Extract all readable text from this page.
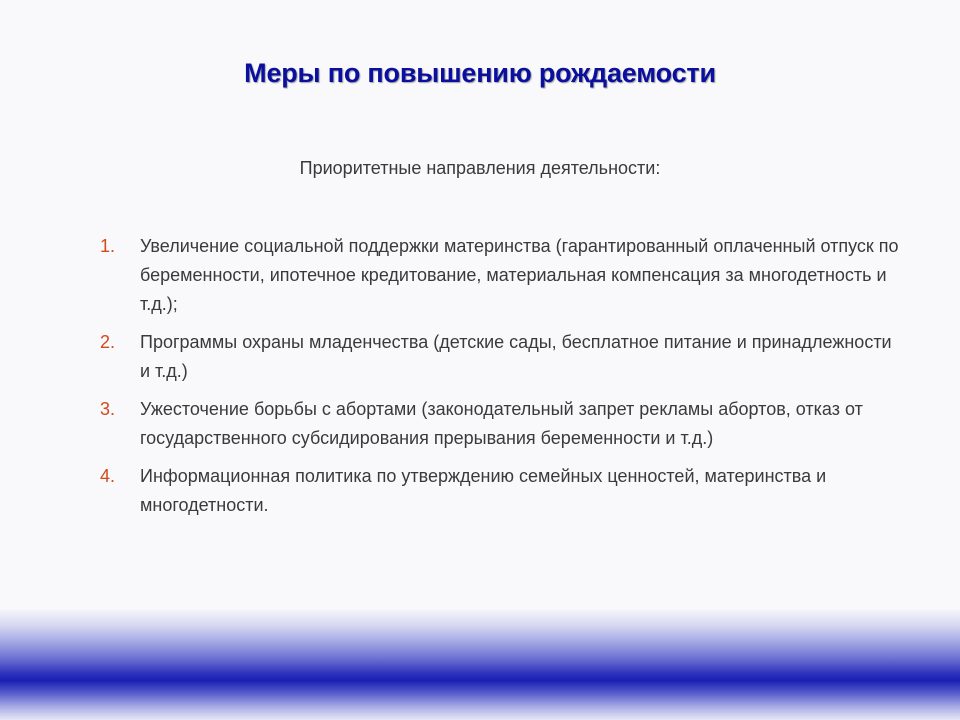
Меры по повышению рождаемости

Приоритетные направления деятельности:

1.	Увеличение социальной поддержки материнства (гарантированный оплаченный отпуск по беременности, ипотечное кредитование, материальная компенсация за многодетность и т.д.);
2.	Программы охраны младенчества (детские сады, бесплатное питание и принадлежности и т.д.)
3.	Ужесточение борьбы с абортами (законодательный запрет рекламы абортов, отказ от государственного субсидирования прерывания беременности и т.д.)
4.	Информационная политика по утверждению семейных ценностей, материнства и многодетности.
